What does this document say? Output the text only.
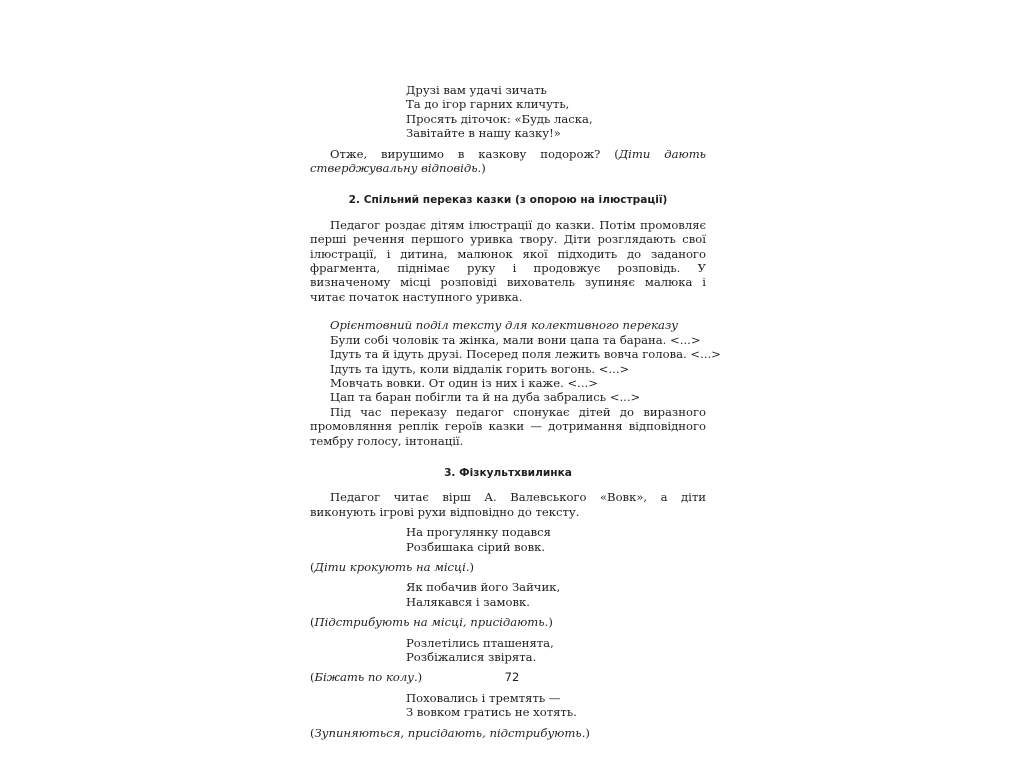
Друзі вам удачі зичать
Та до ігор гарних кличуть,
Просять діточок: «Будь ласка,
Завітайте в нашу казку!»

Отже, вирушимо в казкову подорож? (Діти дають стверджувальну відповідь.)

2. Спільний переказ казки (з опорою на ілюстрації)

Педагог роздає дітям ілюстрації до казки. Потім промовляє перші речення першого уривка твору. Діти розглядають свої ілюстрації, і дитина, малюнок якої підходить до заданого фрагмента, піднімає руку і продовжує розповідь. У визначеному місці розповіді вихователь зупиняє малюка і читає початок наступного уривка.

Орієнтовний поділ тексту для колективного переказу
Були собі чоловік та жінка, мали вони цапа та барана. <...>
Ідуть та й ідуть друзі. Посеред поля лежить вовча голова. <...>
Ідуть та ідуть, коли віддалік горить вогонь. <...>
Мовчать вовки. От один із них і каже. <...>
Цап та баран побігли та й на дуба забрались <...>

Під час переказу педагог спонукає дітей до виразного промовляння реплік героїв казки — дотримання відповідного тембру голосу, інтонації.

3. Фізкультхвилинка

Педагог читає вірш А. Валевського «Вовк», а діти виконують ігрові рухи відповідно до тексту.

На прогулянку подався
Розбишака сірий вовк.

(Діти крокують на місці.)

Як побачив його Зайчик,
Налякався і замовк.

(Підстрибують на місці, присідають.)

Розлетілись пташенята,
Розбіжалися звірята.

(Біжать по колу.)

Поховались і тремтять —
З вовком гратись не хотять.

(Зупиняються, присідають, підстрибують.)

72
